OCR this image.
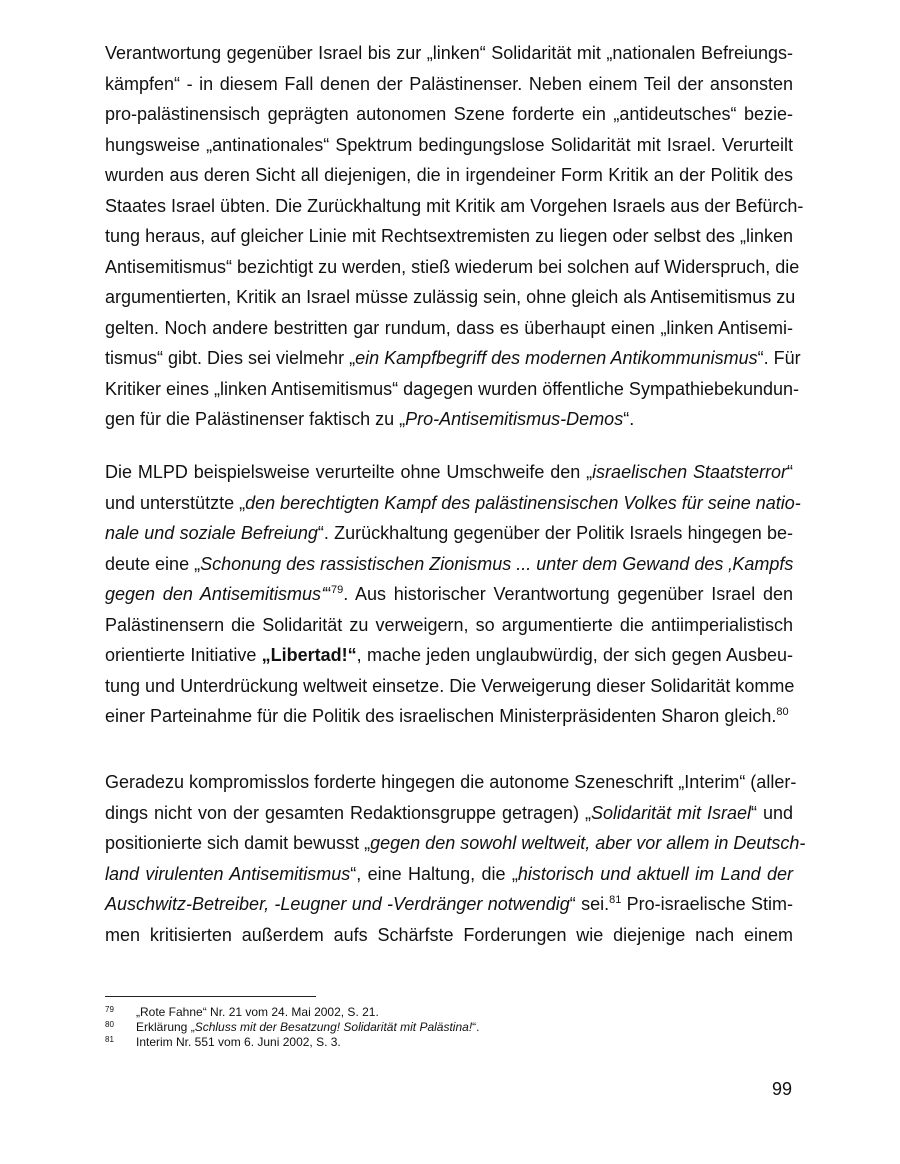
Verantwortung gegenüber Israel bis zur „linken“ Solidarität mit „nationalen Befreiungs-
kämpfen“ - in diesem Fall denen der Palästinenser. Neben einem Teil der ansonsten
pro-palästinensisch geprägten autonomen Szene forderte ein „antideutsches“ bezie-
hungsweise „antinationales“ Spektrum bedingungslose Solidarität mit Israel. Verurteilt
wurden aus deren Sicht all diejenigen, die in irgendeiner Form Kritik an der Politik des
Staates Israel übten. Die Zurückhaltung mit Kritik am Vorgehen Israels aus der Befürch-
tung heraus, auf gleicher Linie mit Rechtsextremisten zu liegen oder selbst des „linken
Antisemitismus“ bezichtigt zu werden, stieß wiederum bei solchen auf Widerspruch, die
argumentierten, Kritik an Israel müsse zulässig sein, ohne gleich als Antisemitismus zu
gelten. Noch andere bestritten gar rundum, dass es überhaupt einen „linken Antisemi-
tismus“ gibt. Dies sei vielmehr „ein Kampfbegriff des modernen Antikommunismus“. Für
Kritiker eines „linken Antisemitismus“ dagegen wurden öffentliche Sympathiebekundun-
gen für die Palästinenser faktisch zu „Pro-Antisemitismus-Demos“.
Die MLPD beispielsweise verurteilte ohne Umschweife den „israelischen Staatsterror“
und unterstützte „den berechtigten Kampf des palästinensischen Volkes für seine natio-
nale und soziale Befreiung“. Zurückhaltung gegenüber der Politik Israels hingegen be-
deute eine „Schonung des rassistischen Zionismus ... unter dem Gewand des ‚Kampfs
gegen den Antisemitismus‘“$^{79}$. Aus historischer Verantwortung gegenüber Israel den
Palästinensern die Solidarität zu verweigern, so argumentierte die antiimperialistisch
orientierte Initiative „Libertad!“, mache jeden unglaubwürdig, der sich gegen Ausbeu-
tung und Unterdrückung weltweit einsetze. Die Verweigerung dieser Solidarität komme
einer Parteinahme für die Politik des israelischen Ministerpräsidenten Sharon gleich.$^{80}$
Geradezu kompromisslos forderte hingegen die autonome Szeneschrift „Interim“ (aller-
dings nicht von der gesamten Redaktionsgruppe getragen) „Solidarität mit Israel“ und
positionierte sich damit bewusst „gegen den sowohl weltweit, aber vor allem in Deutsch-
land virulenten Antisemitismus“, eine Haltung, die „historisch und aktuell im Land der
Auschwitz-Betreiber, -Leugner und -Verdränger notwendig“ sei.$^{81}$ Pro-israelische Stim-
men kritisierten außerdem aufs Schärfste Forderungen wie diejenige nach einem
79 „Rote Fahne“ Nr. 21 vom 24. Mai 2002, S. 21.
80 Erklärung „Schluss mit der Besatzung! Solidarität mit Palästina!“.
81 Interim Nr. 551 vom 6. Juni 2002, S. 3.
99
